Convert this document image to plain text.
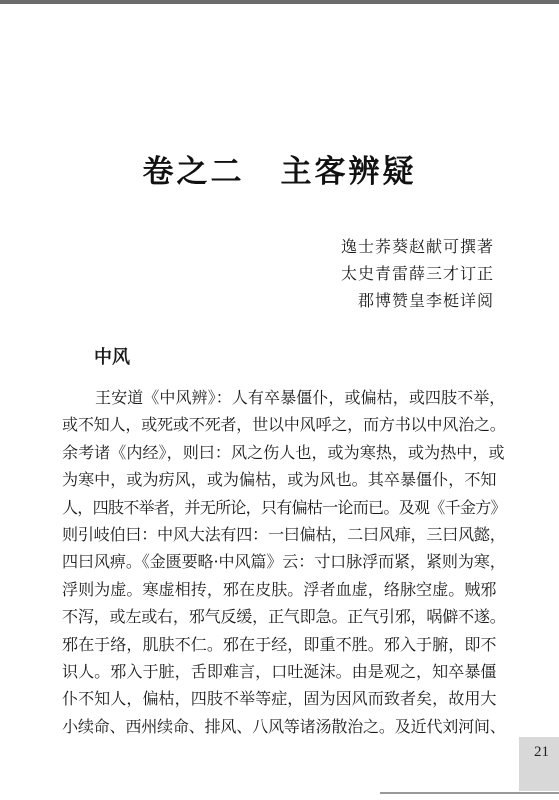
卷之二 主客辨疑
逸士荞葵赵献可撰著
太史青雷薛三才订正
郡博赞皇李梃详阅
中风
王安道《中风辨》：人有卒暴僵仆，或偏枯，或四肢不举，
或不知人，或死或不死者，世以中风呼之，而方书以中风治之。
余考诸《内经》，则曰：风之伤人也，或为寒热，或为热中，或
为寒中，或为疠风，或为偏枯，或为风也。其卒暴僵仆，不知
人，四肢不举者，并无所论，只有偏枯一论而已。及观《千金方》
则引岐伯曰：中风大法有四：一曰偏枯，二曰风痱，三曰风懿，
四曰风痹。《金匮要略·中风篇》云：寸口脉浮而紧，紧则为寒，
浮则为虚。寒虚相抟，邪在皮肤。浮者血虚，络脉空虚。贼邪
不泻，或左或右，邪气反缓，正气即急。正气引邪，㖞僻不遂。
邪在于络，肌肤不仁。邪在于经，即重不胜。邪入于腑，即不
识人。邪入于脏，舌即难言，口吐涎沫。由是观之，知卒暴僵
仆不知人，偏枯，四肢不举等症，固为因风而致者矣，故用大
小续命、西州续命、排风、八风等诸汤散治之。及近代刘河间、
21
